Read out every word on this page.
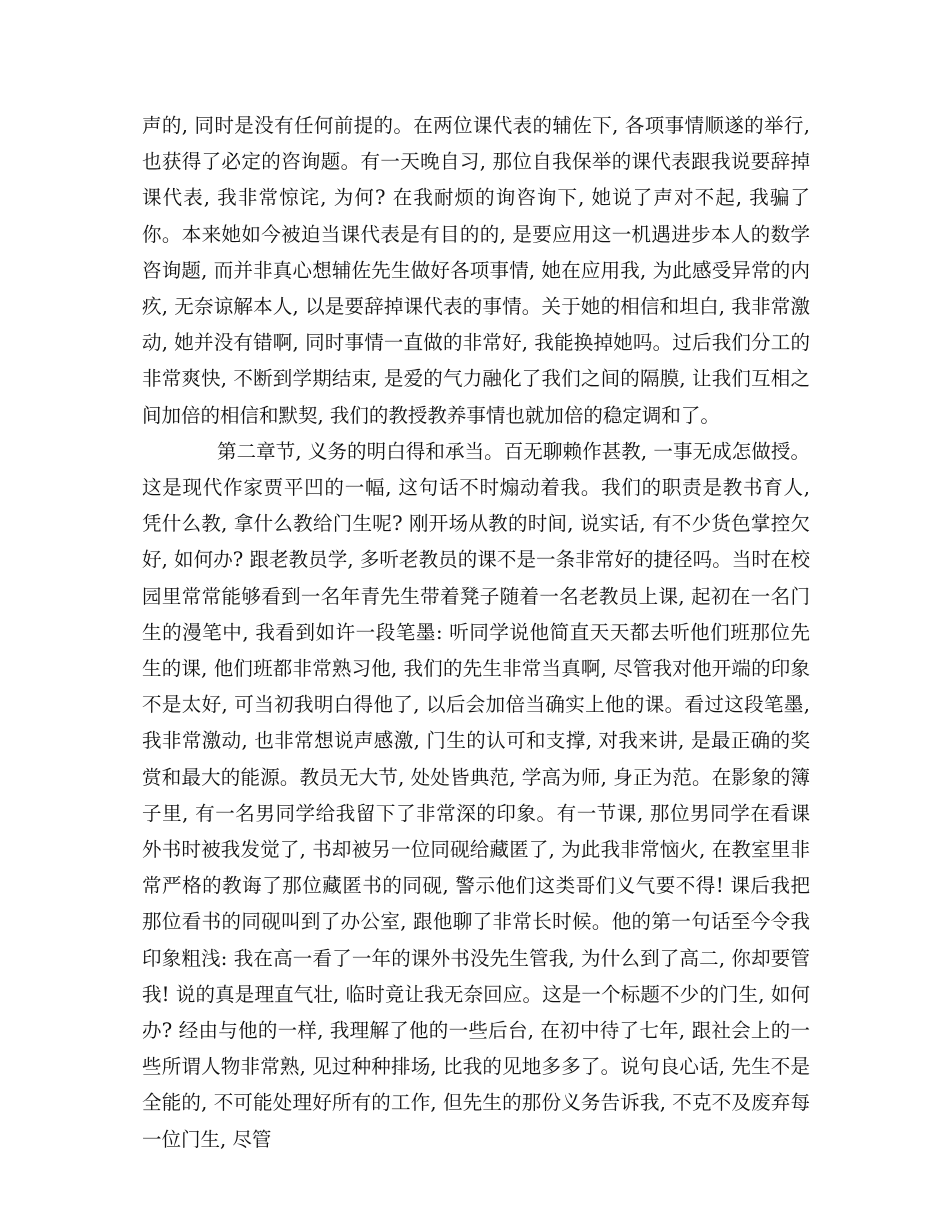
声的, 同时是没有任何前提的。在两位课代表的辅佐下, 各项事情顺遂的举行, 也获得了必定的咨询题。有一天晚自习, 那位自我保举的课代表跟我说要辞掉课代表, 我非常惊诧, 为何? 在我耐烦的询咨询下, 她说了声对不起, 我骗了你。本来她如今被迫当课代表是有目的的, 是要应用这一机遇进步本人的数学咨询题, 而并非真心想辅佐先生做好各项事情, 她在应用我, 为此感受异常的内疚, 无奈谅解本人, 以是要辞掉课代表的事情。关于她的相信和坦白, 我非常激动, 她并没有错啊, 同时事情一直做的非常好, 我能换掉她吗。过后我们分工的非常爽快, 不断到学期结束, 是爱的气力融化了我们之间的隔膜, 让我们互相之间加倍的相信和默契, 我们的教授教养事情也就加倍的稳定调和了。

第二章节, 义务的明白得和承当。百无聊赖作甚教, 一事无成怎做授。这是现代作家贾平凹的一幅, 这句话不时煽动着我。我们的职责是教书育人, 凭什么教, 拿什么教给门生呢? 刚开场从教的时间, 说实话, 有不少货色掌控欠好, 如何办? 跟老教员学, 多听老教员的课不是一条非常好的捷径吗。当时在校园里常常能够看到一名年青先生带着凳子随着一名老教员上课, 起初在一名门生的漫笔中, 我看到如许一段笔墨: 听同学说他简直天天都去听他们班那位先生的课, 他们班都非常熟习他, 我们的先生非常当真啊, 尽管我对他开端的印象不是太好, 可当初我明白得他了, 以后会加倍当确实上他的课。看过这段笔墨, 我非常激动, 也非常想说声感激, 门生的认可和支撑, 对我来讲, 是最正确的奖赏和最大的能源。教员无大节, 处处皆典范, 学高为师, 身正为范。在影象的簿子里, 有一名男同学给我留下了非常深的印象。有一节课, 那位男同学在看课外书时被我发觉了, 书却被另一位同砚给藏匿了, 为此我非常恼火, 在教室里非常严格的教诲了那位藏匿书的同砚, 警示他们这类哥们义气要不得! 课后我把那位看书的同砚叫到了办公室, 跟他聊了非常长时候。他的第一句话至今令我印象粗浅: 我在高一看了一年的课外书没先生管我, 为什么到了高二, 你却要管我! 说的真是理直气壮, 临时竟让我无奈回应。这是一个标题不少的门生, 如何办? 经由与他的一样, 我理解了他的一些后台, 在初中待了七年, 跟社会上的一些所谓人物非常熟, 见过种种排场, 比我的见地多多了。说句良心话, 先生不是全能的, 不可能处理好所有的工作, 但先生的那份义务告诉我, 不克不及废弃每一位门生, 尽管
